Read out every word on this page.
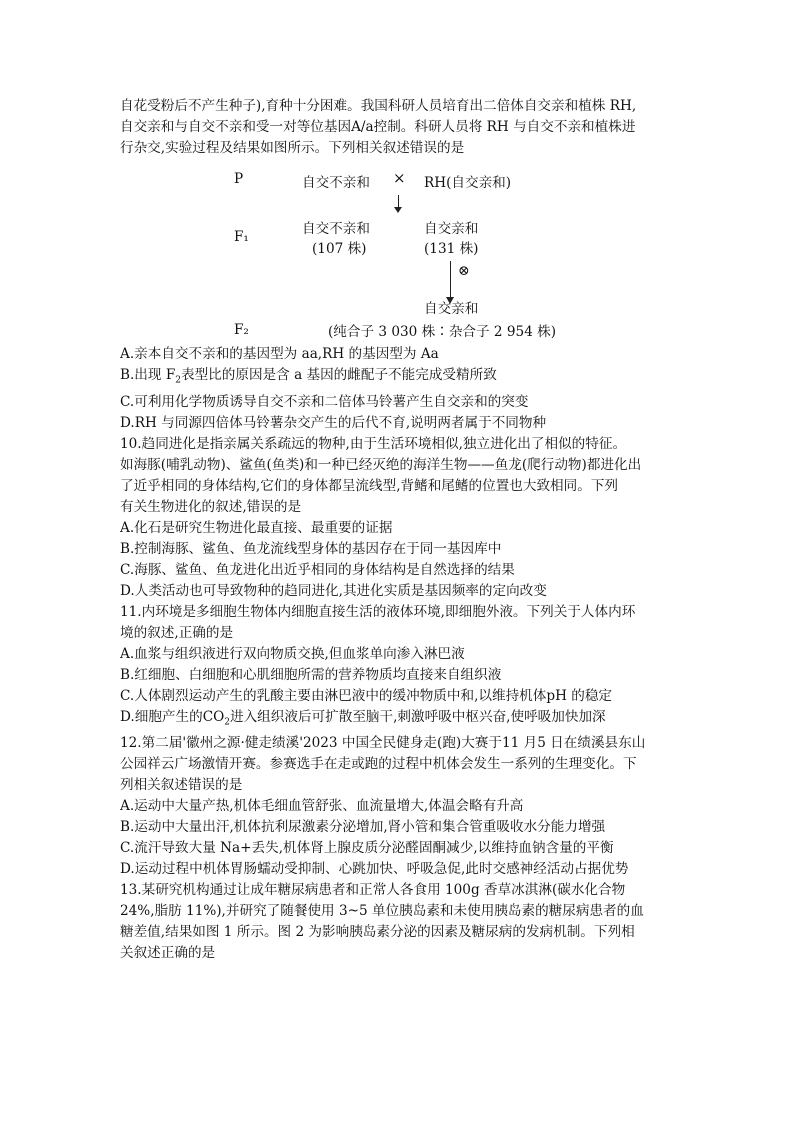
自花受粉后不产生种子),育种十分困难。我国科研人员培育出二倍体自交亲和植株 RH,

自交亲和与自交不亲和受一对等位基因A/a控制。科研人员将 RH 与自交不亲和植株进

行杂交,实验过程及结果如图所示。下列相关叙述错误的是

P	自交不亲和 × RH(自交亲和)
F₁	自交不亲和
(107 株)
自交亲和
(131 株)
⊗
自交亲和
F₂	(纯合子 3 030 株∶杂合子 2 954 株)

A.亲本自交不亲和的基因型为 aa,RH 的基因型为 Aa

B.出现 $F_2$表型比的原因是含 a 基因的雌配子不能完成受精所致

C.可利用化学物质诱导自交不亲和二倍体马铃薯产生自交亲和的突变

D.RH 与同源四倍体马铃薯杂交产生的后代不育,说明两者属于不同物种

10.趋同进化是指亲属关系疏远的物种,由于生活环境相似,独立进化出了相似的特征。

如海豚(哺乳动物)、鲨鱼(鱼类)和一种已经灭绝的海洋生物——鱼龙(爬行动物)都进化出

了近乎相同的身体结构,它们的身体都呈流线型,背鳍和尾鳍的位置也大致相同。下列

有关生物进化的叙述,错误的是

A.化石是研究生物进化最直接、最重要的证据

B.控制海豚、鲨鱼、鱼龙流线型身体的基因存在于同一基因库中

C.海豚、鲨鱼、鱼龙进化出近乎相同的身体结构是自然选择的结果

D.人类活动也可导致物种的趋同进化,其进化实质是基因频率的定向改变

11.内环境是多细胞生物体内细胞直接生活的液体环境,即细胞外液。下列关于人体内环

境的叙述,正确的是

A.血浆与组织液进行双向物质交换,但血浆单向渗入淋巴液

B.红细胞、白细胞和心肌细胞所需的营养物质均直接来自组织液

C.人体剧烈运动产生的乳酸主要由淋巴液中的缓冲物质中和,以维持机体pH 的稳定

D.细胞产生的$CO_2$进入组织液后可扩散至脑干,刺激呼吸中枢兴奋,使呼吸加快加深

12.第二届'徽州之源·健走绩溪'2023 中国全民健身走(跑)大赛于11 月5 日在绩溪县东山

公园祥云广场激情开赛。参赛选手在走或跑的过程中机体会发生一系列的生理变化。下

列相关叙述错误的是

A.运动中大量产热,机体毛细血管舒张、血流量增大,体温会略有升高

B.运动中大量出汗,机体抗利尿激素分泌增加,肾小管和集合管重吸收水分能力增强

C.流汗导致大量 Na+丢失,机体肾上腺皮质分泌醛固酮减少,以维持血钠含量的平衡

D.运动过程中机体胃肠蠕动受抑制、心跳加快、呼吸急促,此时交感神经活动占据优势

13.某研究机构通过让成年糖尿病患者和正常人各食用 100g 香草冰淇淋(碳水化合物

24%,脂肪 11%),并研究了随餐使用 3~5 单位胰岛素和未使用胰岛素的糖尿病患者的血

糖差值,结果如图 1 所示。图 2 为影响胰岛素分泌的因素及糖尿病的发病机制。下列相

关叙述正确的是
